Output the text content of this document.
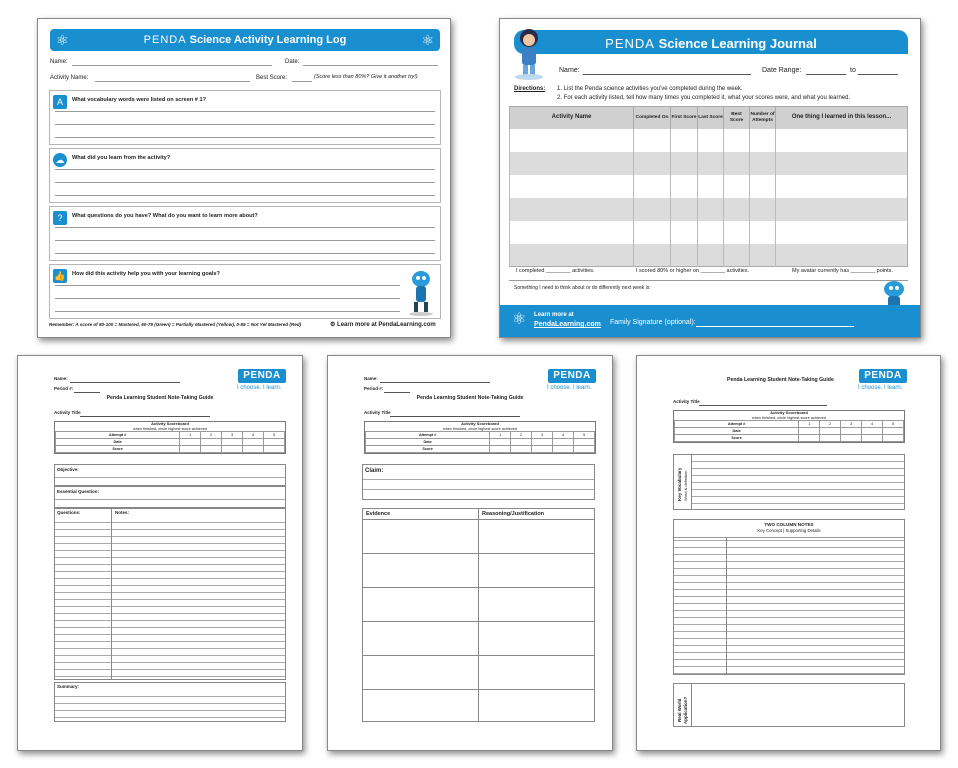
⚛	PENDA Science Activity Learning Log	⚛
Name:	Date:
Activity Name:	Best Score:	(Score less than 80%? Give it another try!)
A	What vocabulary words were listed on screen # 1?
☁	What did you learn from the activity?
?	What questions do you have? What do you want to learn more about?
👍 How did this activity help you with your learning goals?
Remember: A score of 80-100 = Mastered, 60-79 (Green) = Partially Mastered (Yellow), 0-59 = Not Yet Mastered (Red)	⚙ Learn more at PendaLearning.com
PENDA Science Learning Journal
Name:	Date Range:	to
Directions: 1. List the Penda science activities you've completed during the week.
2. For each activity listed, tell how many times you completed it, what your scores were, and what you learned.
Activity Name	Completed On	First Score	Last Score	Best Score	Number of Attempts	One thing I learned in this lesson...

I completed ________ activities.	I scored 80% or higher on ________ activities.	My avatar currently has ________ points.
Something I need to think about or do differently next week is:
⚛ Learn more at
PendaLearning.com Family Signature (optional):
PENDA
I choose. I learn.
Name:
Period #:
Penda Learning Student Note-Taking Guide
Activity Title
Activity Scoreboard
when finished, circle highest score achieved
Attempt #	1	2	3	4	5
Date					
Score					
Objective:
Essential Question:
Questions:	Notes:
Summary:
PENDA
I choose. I learn.
Name:
Period #:
Penda Learning Student Note-Taking Guide
Activity Title
Activity Scoreboard
when finished, circle highest score achieved
Attempt #	1	2	3	4	5
Date					
Score					
Claim:
Evidence	Reasoning/Justification
PENDA
I choose. I learn.
Penda Learning Student Note-Taking Guide
Activity Title
Activity Scoreboard
when finished, circle highest score achieved
Attempt #	1	2	3	4	5
Date					
Score					
Key Vocabulary Word & definition
TWO COLUMN NOTES
Key Concept | Supporting Details
Real World Application?
